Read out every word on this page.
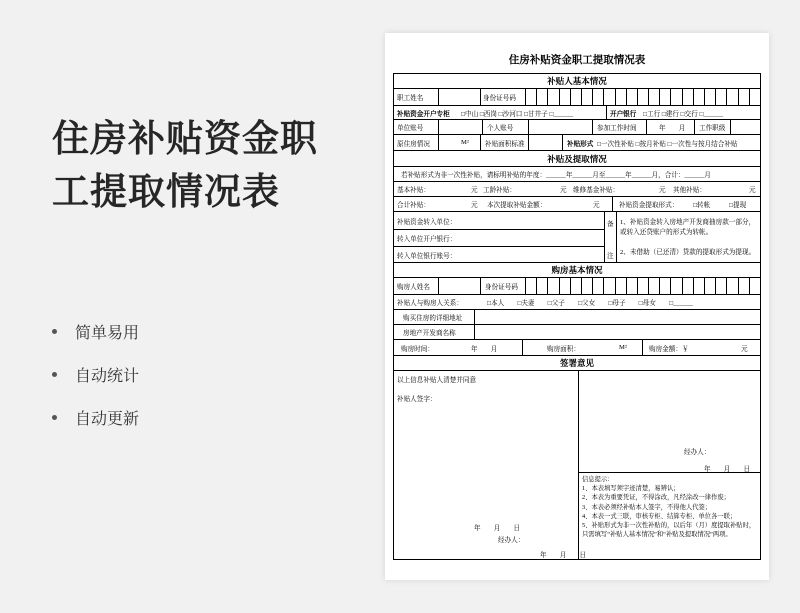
住房补贴资金职工提取情况表
简单易用
自动统计
自动更新
住房补贴资金职工提取情况表
补贴人基本情况
职工姓名	身份证号码
补贴资金开户专柜	□中山 □西岗 □沙河口 □甘井子 □______	开户银行	□工行 □建行 □交行 □______
单位账号	个人账号	参加工作时间	年　　月	工作职级
原住房情况	M²	补贴面积标准	补贴形式 □一次性补贴 □按月补贴 □一次性与按月结合补贴
补贴及提取情况
若补贴形式为非一次性补贴，请标明补贴的年度：______年______月至______年______月，合计：______月
基本补贴：	元 工龄补贴：	元 维修基金补贴：	元	其他补贴：	元
合计补贴：	元	本次提取补贴金额：	元	补贴资金提取形式：	□转帐	□提现
补贴资金转入单位：
转入单位开户银行：
转入单位银行账号：
备
注
1、补贴资金转入房地产开发商抽房款一部分，或转入还贷账户的形式为转帐。
2、未借助（已还清）贷款的提取形式为提现。
购房基本情况
购房人姓名	身份证号码
补贴人与购房人关系：	□本人　　□夫妻　　□父子　　□父女　　□母子　　□母女　　□______
购买住房的详细地址
房地产开发商名称
购房时间：	年　　月	购房面积：	M²	购房金额：￥	元
签署意见
以上信息补贴人清楚并同意
补贴人签字：
年　　月　　日
经办人：
年　　月　　日
经办人：
年　　月　　日
信息提示：
1、本表填写须字迹清楚，易辨认；
2、本表为重要凭证，不得涂改，凡经涂改一律作废；
3、本表必须经补贴本人签字，不得他人代签；
4、本表一式三联，审核专柜、结算专柜、单位各一联；
5、补贴形式为非一次性补贴的，以后年（月）度提取补贴时，只需填写“补贴人基本情况”和“补贴及提取情况”两项。
